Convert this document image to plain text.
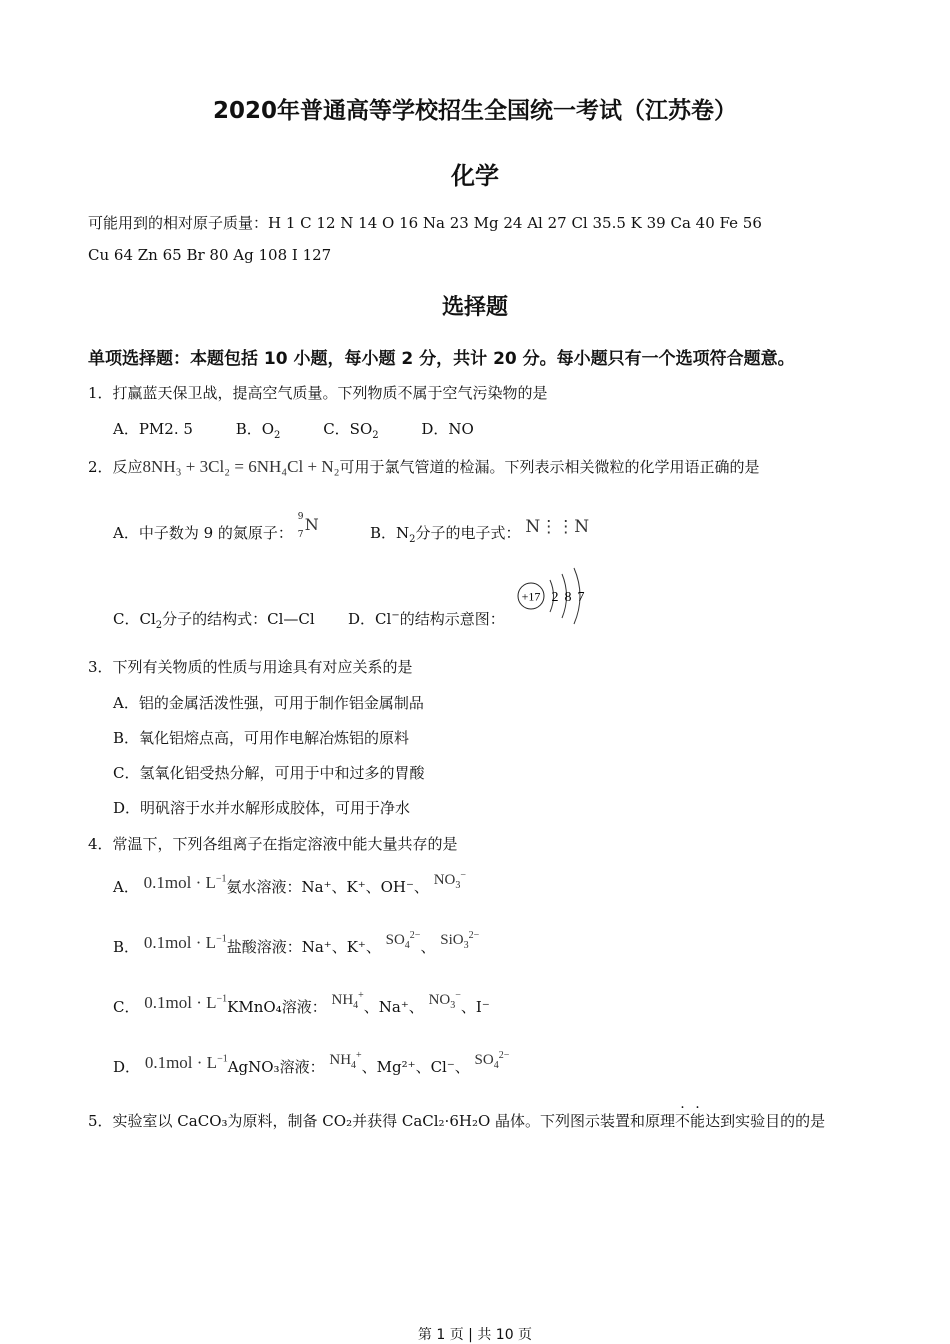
2020年普通高等学校招生全国统一考试（江苏卷）
化学
可能用到的相对原子质量：H 1 C 12 N 14 O 16 Na 23 Mg 24 Al 27 Cl 35.5 K 39 Ca 40 Fe 56
Cu 64 Zn 65 Br 80 Ag 108 I 127
选择题
单项选择题：本题包括 10 小题，每小题 2 分，共计 20 分。每小题只有一个选项符合题意。
1．打赢蓝天保卫战，提高空气质量。下列物质不属于空气污染物的是
A．PM2. 5	B．$O_2$	C．$SO_2$	D．NO
2．反应8NH₃ + 3Cl₂ = 6NH₄Cl + N₂可用于氯气管道的检漏。下列表示相关微粒的化学用语正确的是
A．中子数为 9 的氮原子：
9
7
N	B．$N_2$分子的电子式： N⋮⋮N
C．$Cl_2$分子的结构式：Cl—Cl D．Cl−的结构示意图：
+17 2 8 7
3．下列有关物质的性质与用途具有对应关系的是
A．铝的金属活泼性强，可用于制作铝金属制品
B．氧化铝熔点高，可用作电解冶炼铝的原料
C．氢氧化铝受热分解，可用于中和过多的胃酸
D．明矾溶于水并水解形成胶体，可用于净水
4．常温下，下列各组离子在指定溶液中能大量共存的是
A． $0.1mol \cdot L^{-1}$氨水溶液：Na⁺、K⁺、OH⁻、 $NO_3^-$
B． $0.1mol \cdot L^{-1}$盐酸溶液：Na⁺、K⁺、 $SO_4^{2-}$、 SiO$_3^{2-}$
C． $0.1mol \cdot L^{-1}KMnO_4$溶液： $NH_4^+$、Na⁺、 $NO_3^-$、I⁻
D． $0.1mol \cdot L^{-1}AgNO_3$溶液： $NH_4^+$、Mg²⁺、Cl⁻、 $SO_4^{2-}$
5．实验室以 CaCO₃为原料，制备 CO₂并获得 CaCl₂·6H₂O 晶体。下列图示装置和原理不能达到实验目的的是
第 1 页 | 共 10 页
